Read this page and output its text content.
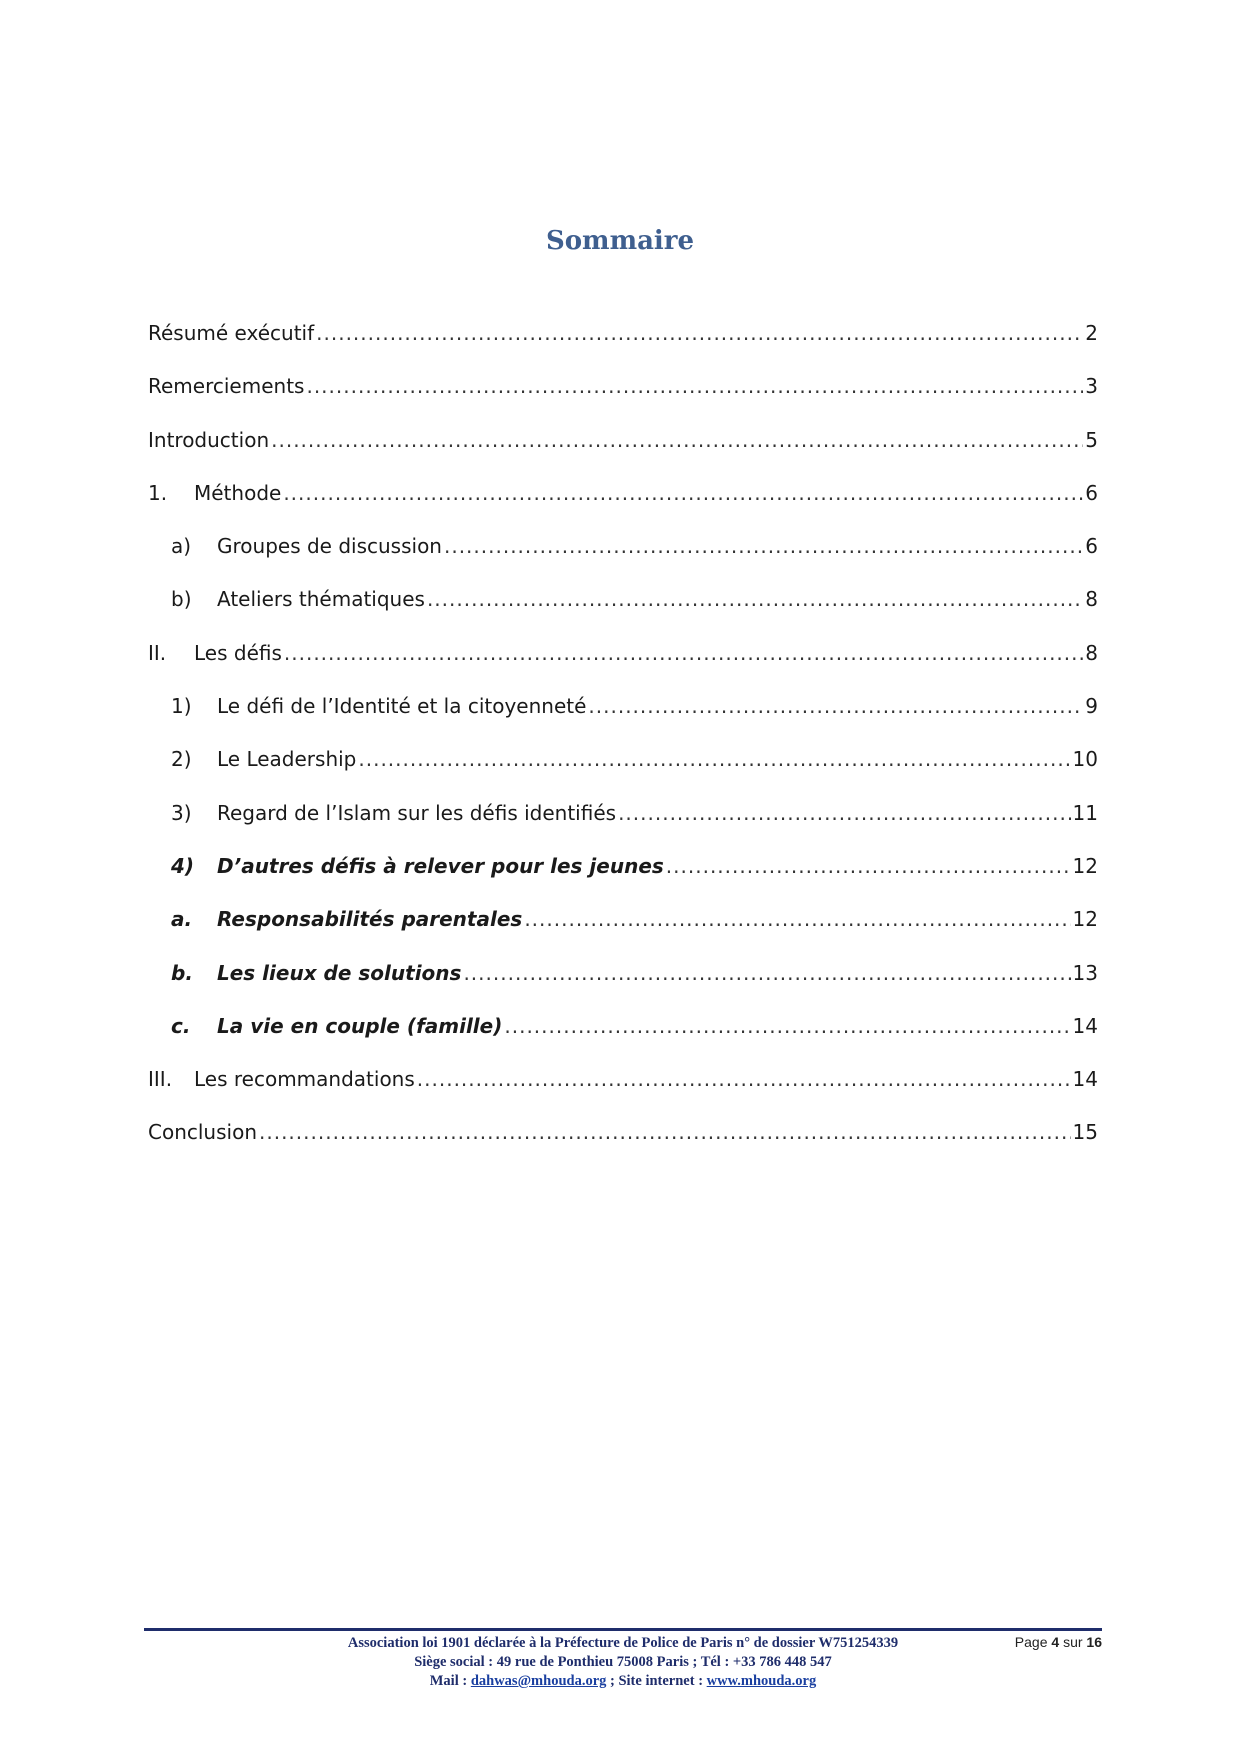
Sommaire
Résumé exécutif .....	2
Remerciements .....	3
Introduction .....	5
1.	Méthode .....	6
a)	Groupes de discussion .....	6
b)	Ateliers thématiques .....	8
II.	Les défis .....	8
1)	Le défi de l’Identité et la citoyenneté .....	9
2)	Le Leadership .....	10
3)	Regard de l’Islam sur les défis identifiés .....	11
4)	D’autres défis à relever pour les jeunes .....	12
a.	Responsabilités parentales .....	12
b.	Les lieux de solutions .....	13
c.	La vie en couple (famille) .....	14
III.	Les recommandations .....	14
Conclusion .....	15
Association loi 1901 déclarée à la Préfecture de Police de Paris n° de dossier W751254339
Siège social : 49 rue de Ponthieu 75008 Paris ; Tél : +33 786 448 547
Mail : dahwas@mhouda.org ; Site internet : www.mhouda.org
Page 4 sur 16
